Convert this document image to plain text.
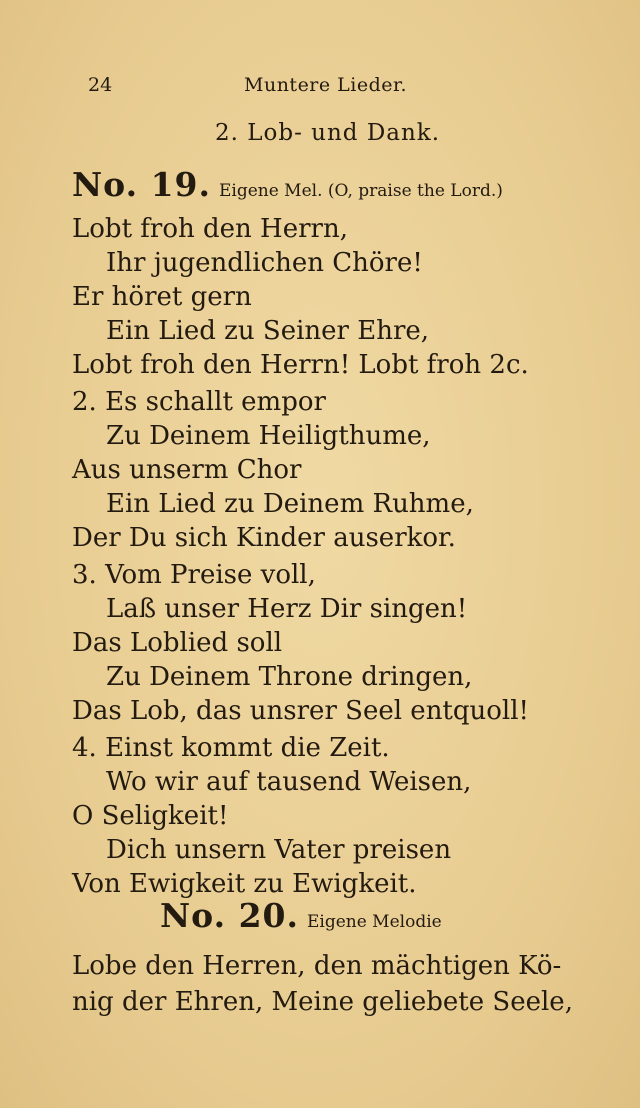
24	Muntere Lieder.
2. Lob- und Dank.
No. 19. Eigene Mel. (O, praise the Lord.)
Lobt froh den Herrn,
Ihr jugendlichen Chöre!
Er höret gern
Ein Lied zu Seiner Ehre,
Lobt froh den Herrn! Lobt froh 2c.
2. Es schallt empor
Zu Deinem Heiligthume,
Aus unserm Chor
Ein Lied zu Deinem Ruhme,
Der Du sich Kinder auserkor.
3. Vom Preise voll,
Laß unser Herz Dir singen!
Das Loblied soll
Zu Deinem Throne dringen,
Das Lob, das unsrer Seel entquoll!
4. Einst kommt die Zeit.
Wo wir auf tausend Weisen,
O Seligkeit!
Dich unsern Vater preisen
Von Ewigkeit zu Ewigkeit.
No. 20. Eigene Melodie
Lobe den Herren, den mächtigen Kö-
nig der Ehren, Meine geliebete Seele,
